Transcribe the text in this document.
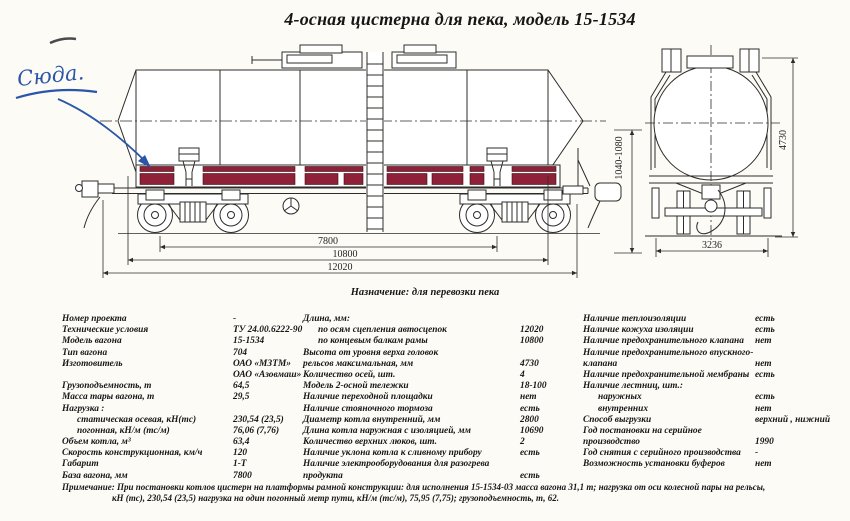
4-осная цистерна для пека, модель 15-1534
7800
10800
12020
1040-1080	4730
3236
Сюда.
Назначение: для перевозки пека
Номер проекта	-
Технические условия	ТУ 24.00.6222-90
Модель вагона	15-1534
Тип вагона	704
Изготовитель	ОАО «МЗТМ»
ОАО «Азовмаш»
Грузоподъемность, т	64,5
Масса тары вагона, т	29,5
Нагрузка :
статическая осевая, кН(тс)	230,54 (23,5)
погонная, кН/м (тс/м)	76,06 (7,76)
Объем котла, м³	63,4
Скорость конструкционная, км/ч	120
Габарит	1-Т
База вагона, мм	7800
Длина, мм:
по осям сцепления автосцепок	12020
по концевым балкам рамы	10800
Высота от уровня верха головок
рельсов максимальная, мм	4730
Количество осей, шт.	4
Модель 2-осной тележки	18-100
Наличие переходной площадки	нет
Наличие стояночного тормоза	есть
Диаметр котла внутренний, мм	2800
Длина котла наружная с изоляцией, мм	10690
Количество верхних люков, шт.	2
Наличие уклона котла к сливному прибору	есть
Наличие электрооборудования для разогрева
продукта	есть
Наличие теплоизоляции	есть
Наличие кожуха изоляции	есть
Наличие предохранительного клапана	нет
Наличие предохранительного впускного-
клапана	нет
Наличие предохранительной мембраны есть
Наличие лестниц, шт.:
наружных	есть
внутренних	нет
Способ выгрузки	верхний , нижний
Год постановки на серийное
производство	1990
Год снятия с серийного производства	-
Возможность установки буферов	нет
Примечание: При постановки котлов цистерн на платформы рамной конструкции: для исполнения 15-1534-03 масса вагона 31,1 т; нагрузка от оси колесной пары на рельсы,
кН (тс), 230,54 (23,5) нагрузка на один погонный метр пути, кН/м (тс/м), 75,95 (7,75); грузоподъемность, т, 62.
